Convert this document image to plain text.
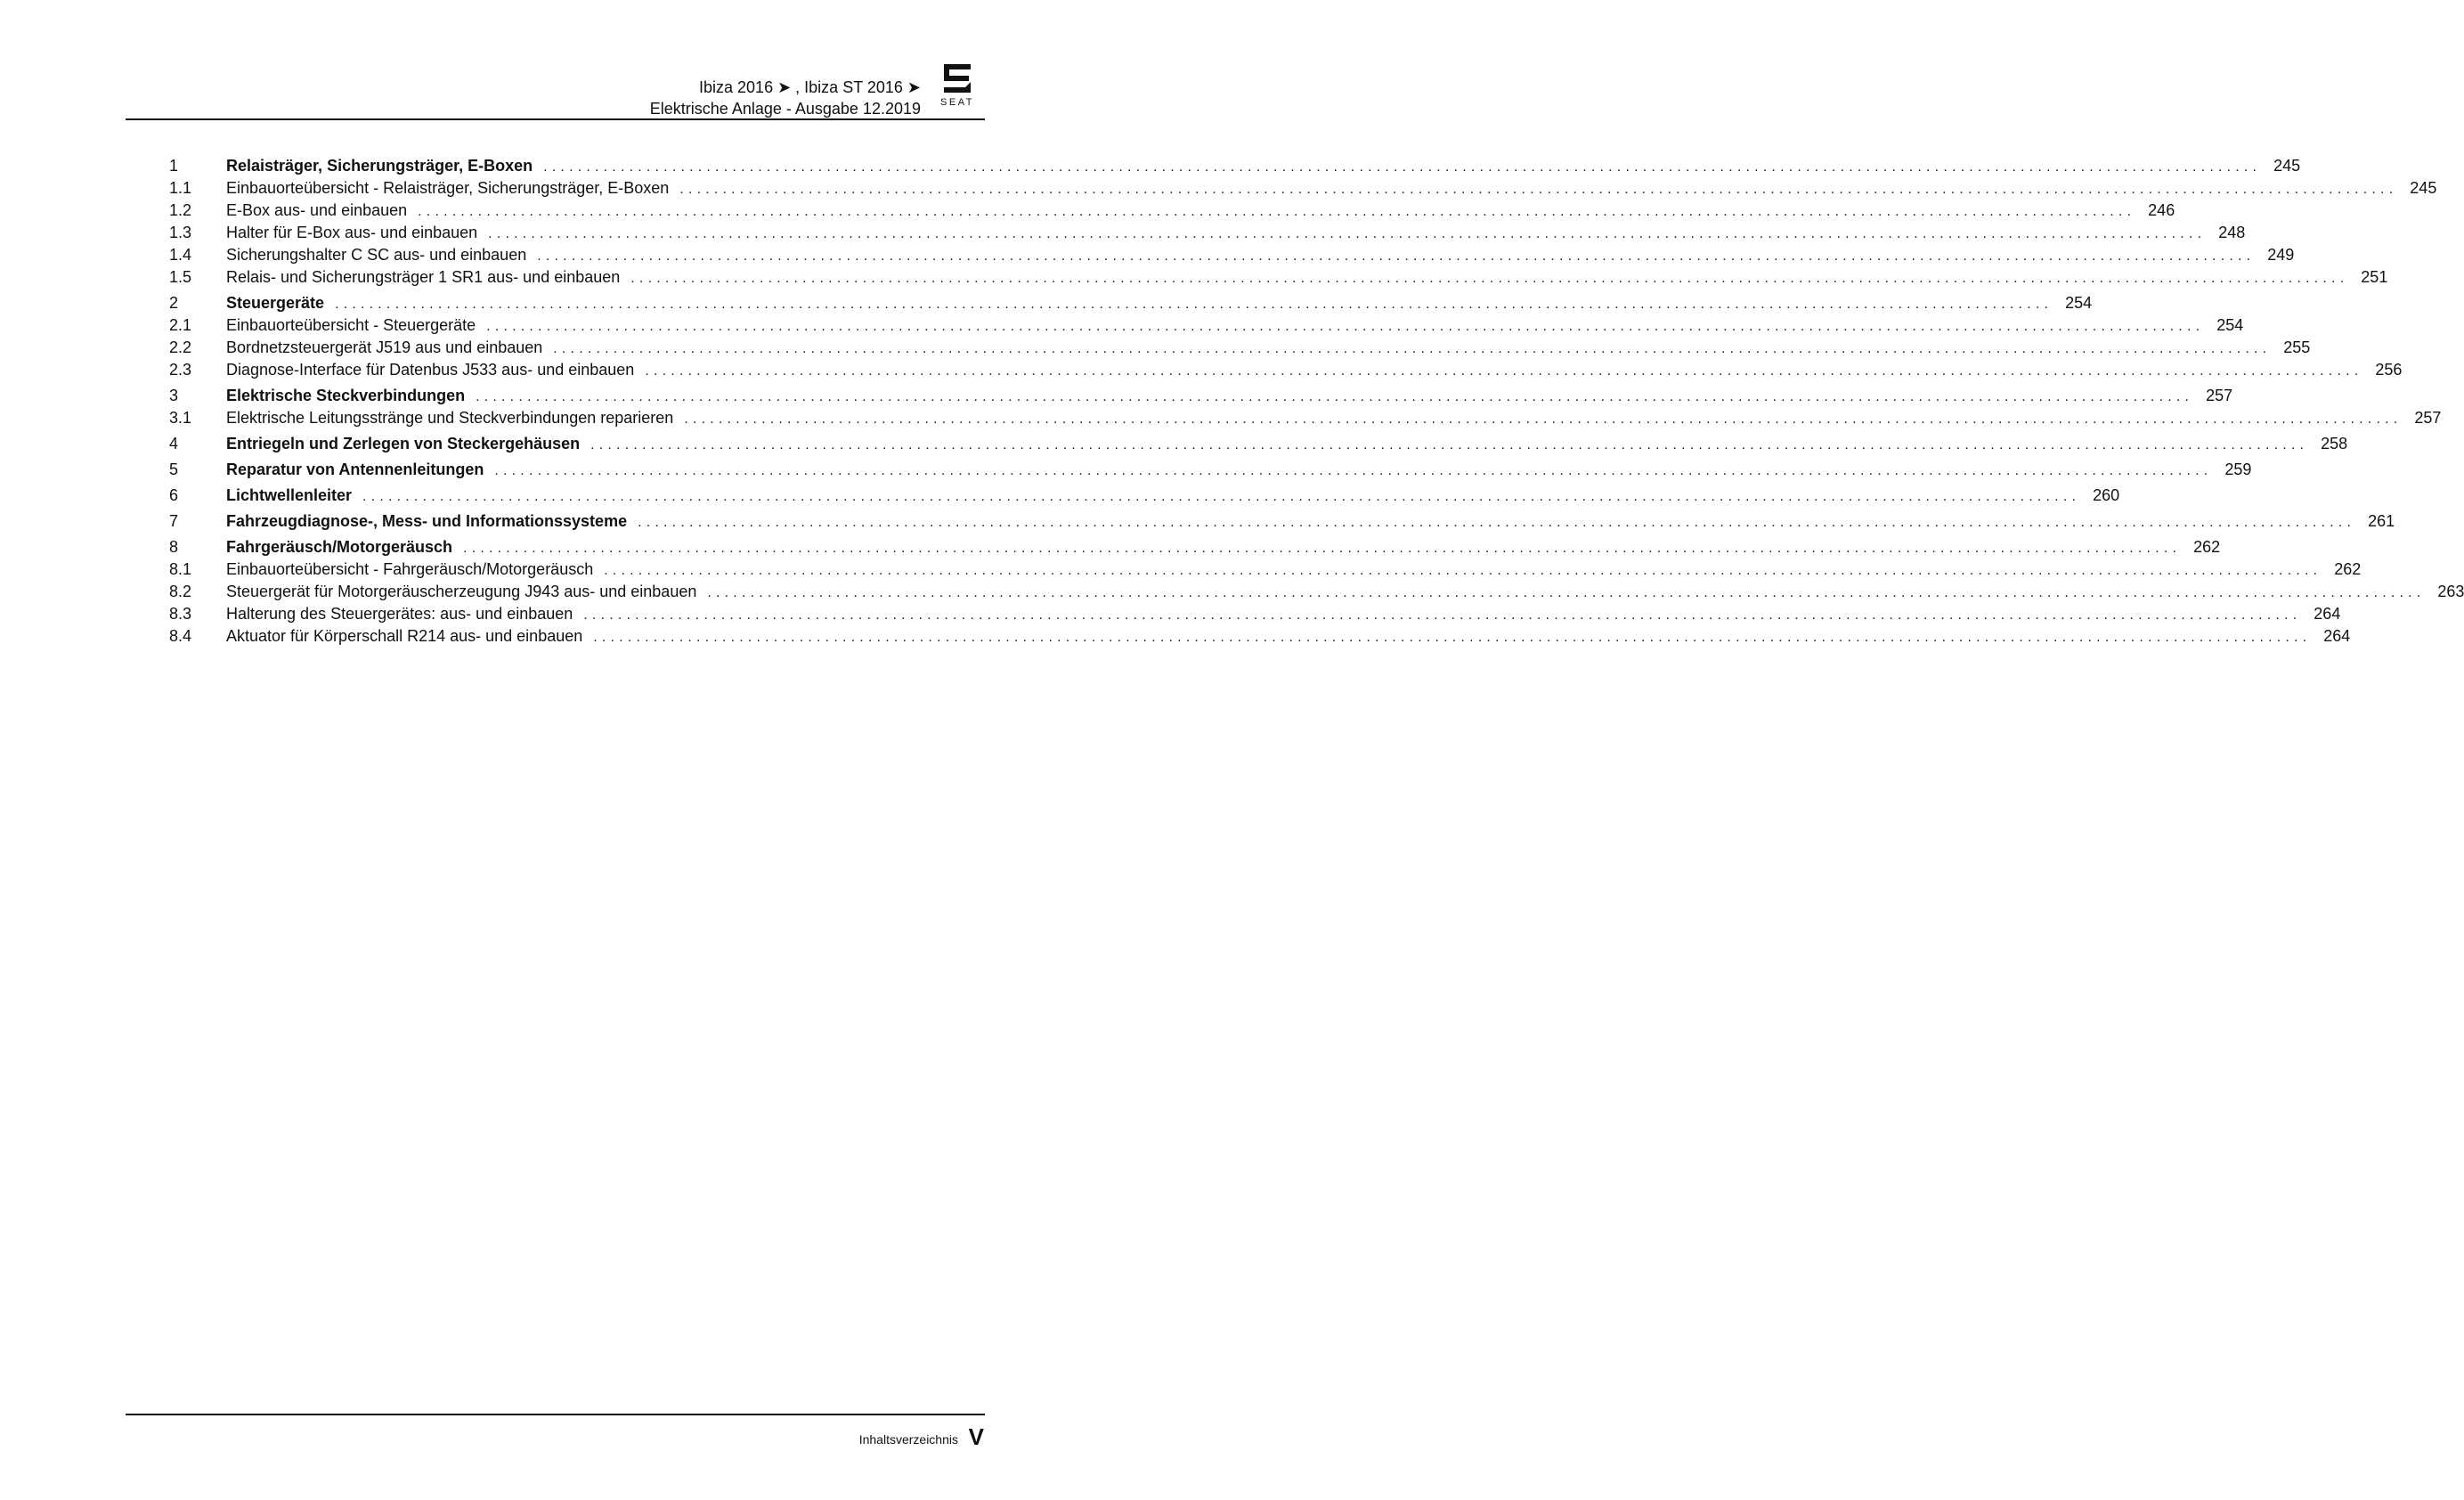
Ibiza 2016 ➤ , Ibiza ST 2016 ➤
Elektrische Anlage - Ausgabe 12.2019 SEAT
1	Relaisträger, Sicherungsträger, E-Boxen ........................................................................................................................................................................................................ 245
1.1	Einbauorteübersicht - Relaisträger, Sicherungsträger, E-Boxen ........................................................................................................................................................................................................ 245
1.2	E-Box aus- und einbauen ........................................................................................................................................................................................................ 246
1.3	Halter für E-Box aus- und einbauen ........................................................................................................................................................................................................ 248
1.4	Sicherungshalter C SC aus- und einbauen ........................................................................................................................................................................................................ 249
1.5	Relais- und Sicherungsträger 1 SR1 aus- und einbauen ........................................................................................................................................................................................................ 251
2	Steuergeräte ........................................................................................................................................................................................................ 254
2.1	Einbauorteübersicht - Steuergeräte ........................................................................................................................................................................................................ 254
2.2	Bordnetzsteuergerät J519 aus und einbauen ........................................................................................................................................................................................................ 255
2.3	Diagnose-Interface für Datenbus J533 aus- und einbauen ........................................................................................................................................................................................................ 256
3	Elektrische Steckverbindungen ........................................................................................................................................................................................................ 257
3.1	Elektrische Leitungsstränge und Steckverbindungen reparieren ........................................................................................................................................................................................................ 257
4	Entriegeln und Zerlegen von Steckergehäusen ........................................................................................................................................................................................................ 258
5	Reparatur von Antennenleitungen ........................................................................................................................................................................................................ 259
6	Lichtwellenleiter ........................................................................................................................................................................................................ 260
7	Fahrzeugdiagnose-, Mess- und Informationssysteme ........................................................................................................................................................................................................ 261
8	Fahrgeräusch/Motorgeräusch ........................................................................................................................................................................................................ 262
8.1	Einbauorteübersicht - Fahrgeräusch/Motorgeräusch ........................................................................................................................................................................................................ 262
8.2	Steuergerät für Motorgeräuscherzeugung J943 aus- und einbauen ........................................................................................................................................................................................................ 263
8.3	Halterung des Steuergerätes: aus- und einbauen ........................................................................................................................................................................................................ 264
8.4	Aktuator für Körperschall R214 aus- und einbauen ........................................................................................................................................................................................................ 264
Inhaltsverzeichnis V
